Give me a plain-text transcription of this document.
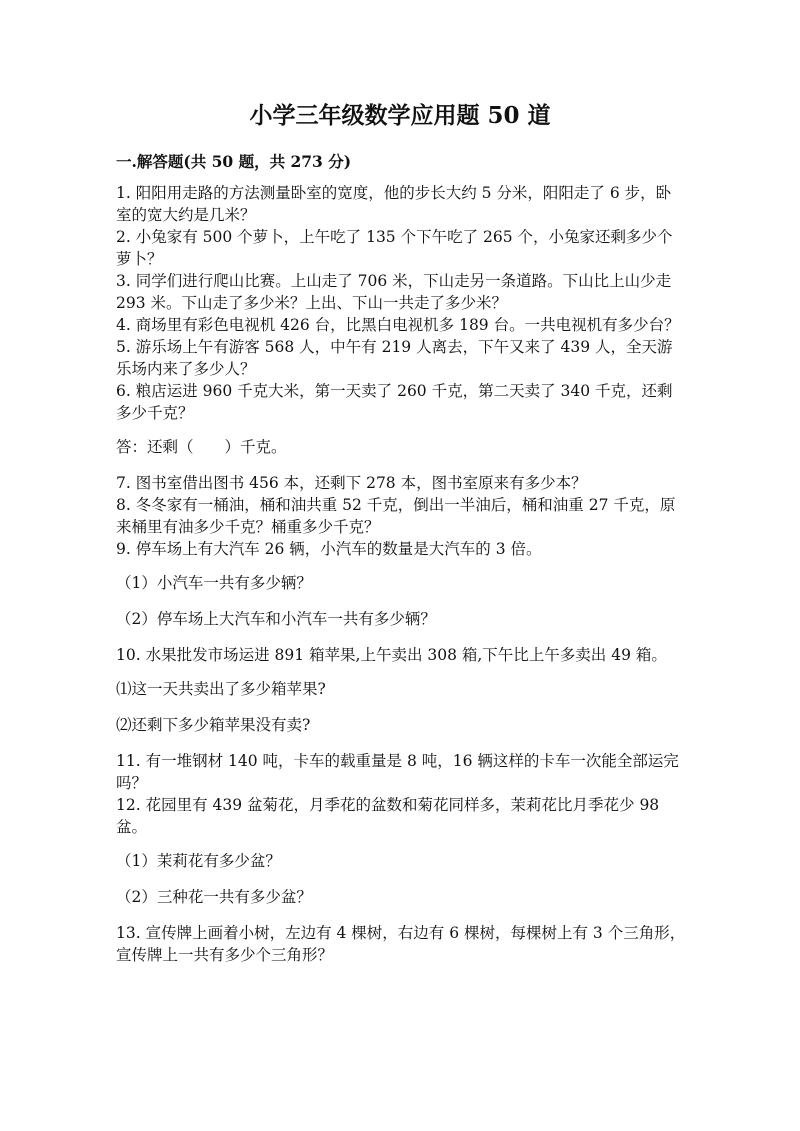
小学三年级数学应用题 50 道
一.解答题(共 50 题，共 273 分)

1. 阳阳用走路的方法测量卧室的宽度，他的步长大约 5 分米，阳阳走了 6 步，卧室的宽大约是几米？

2. 小兔家有 500 个萝卜，上午吃了 135 个下午吃了 265 个，小兔家还剩多少个萝卜？

3. 同学们进行爬山比赛。上山走了 706 米，下山走另一条道路。下山比上山少走 293 米。下山走了多少米？上出、下山一共走了多少米？

4. 商场里有彩色电视机 426 台，比黑白电视机多 189 台。一共电视机有多少台？

5. 游乐场上午有游客 568 人，中午有 219 人离去，下午又来了 439 人，全天游乐场内来了多少人？

6. 粮店运进 960 千克大米，第一天卖了 260 千克，第二天卖了 340 千克，还剩多少千克？

答：还剩（　　）千克。

7. 图书室借出图书 456 本，还剩下 278 本，图书室原来有多少本？

8. 冬冬家有一桶油，桶和油共重 52 千克，倒出一半油后，桶和油重 27 千克，原来桶里有油多少千克？桶重多少千克？

9. 停车场上有大汽车 26 辆，小汽车的数量是大汽车的 3 倍。

（1）小汽车一共有多少辆？

（2）停车场上大汽车和小汽车一共有多少辆？

10. 水果批发市场运进 891 箱苹果,上午卖出 308 箱,下午比上午多卖出 49 箱。

⑴这一天共卖出了多少箱苹果?

⑵还剩下多少箱苹果没有卖?

11. 有一堆钢材 140 吨，卡车的载重量是 8 吨，16 辆这样的卡车一次能全部运完吗？

12. 花园里有 439 盆菊花，月季花的盆数和菊花同样多，茉莉花比月季花少 98 盆。

（1）茉莉花有多少盆？

（2）三种花一共有多少盆？

13. 宣传牌上画着小树，左边有 4 棵树，右边有 6 棵树，每棵树上有 3 个三角形，宣传牌上一共有多少个三角形？
